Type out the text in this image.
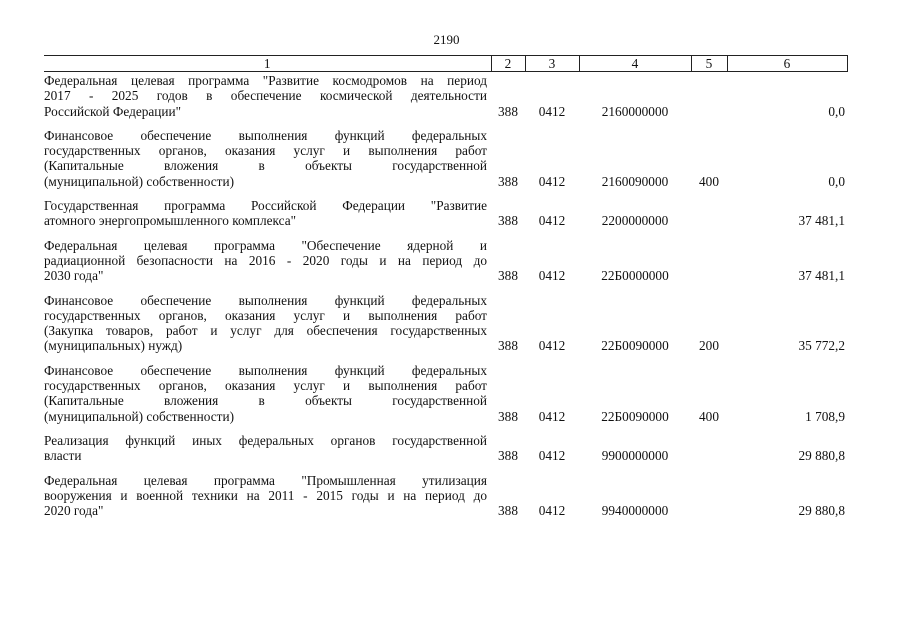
2190
1	2	3	4	5	6

Федеральная целевая программа "Развитие космодромов на период
2017 - 2025 годов в обеспечение космической деятельности
Российской Федерации"	388	0412	2160000000		0,0

Финансовое обеспечение выполнения функций федеральных
государственных органов, оказания услуг и выполнения работ
(Капитальные вложения в объекты государственной
(муниципальной) собственности)	388	0412	2160090000	400	0,0

Государственная программа Российской Федерации "Развитие
атомного энергопромышленного комплекса"	388	0412	2200000000		37 481,1

Федеральная целевая программа "Обеспечение ядерной и
радиационной безопасности на 2016 - 2020 годы и на период до
2030 года"	388	0412	22Б0000000		37 481,1

Финансовое обеспечение выполнения функций федеральных
государственных органов, оказания услуг и выполнения работ
(Закупка товаров, работ и услуг для обеспечения государственных
(муниципальных) нужд)	388	0412	22Б0090000	200	35 772,2

Финансовое обеспечение выполнения функций федеральных
государственных органов, оказания услуг и выполнения работ
(Капитальные вложения в объекты государственной
(муниципальной) собственности)	388	0412	22Б0090000	400	1 708,9

Реализация функций иных федеральных органов государственной
власти	388	0412	9900000000		29 880,8

Федеральная целевая программа "Промышленная утилизация
вооружения и военной техники на 2011 - 2015 годы и на период до
2020 года"	388	0412	9940000000		29 880,8
